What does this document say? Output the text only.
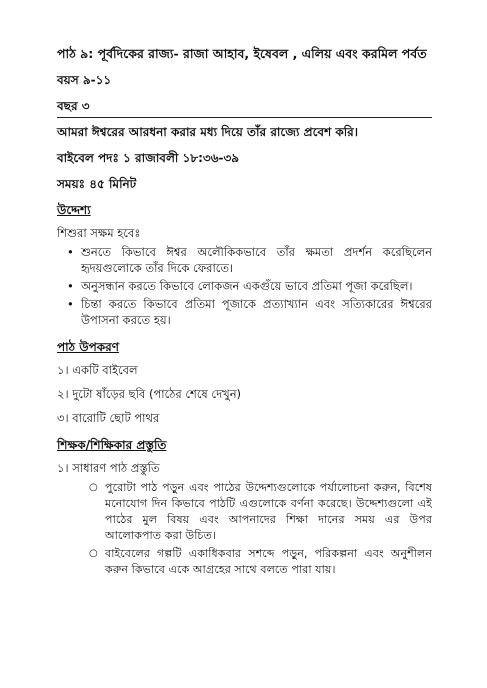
পাঠ ৯: পূর্বদিকের রাজ্য- রাজা আহাব, ইষেবল , এলিয় এবং করমিল পর্বত

বয়স ৯-১১

বছর ৩

আমরা ঈশ্বরের আরধনা করার মধ্য দিয়ে তাঁর রাজ্যে প্রবেশ করি।

বাইবেল পদঃ ১ রাজাবলী ১৮:৩৬-৩৯

সময়ঃ ৪৫ মিনিট

উদ্দেশ্য

শিশুরা সক্ষম হবেঃ

• শুনতে কিভাবে ঈশ্বর অলৌকিকভাবে তাঁর ক্ষমতা প্রদর্শন করেছিলেন হৃদয়গুলোকে তাঁর দিকে ফেরাতে।
• অনুসন্ধান করতে কিভাবে লোকজন একগুঁয়ে ভাবে প্রতিমা পূজা করেছিল।
• চিন্তা করতে কিভাবে প্রতিমা পূজাকে প্রত্যাখ্যান এবং সত্যিকারের ঈশ্বরের উপাসনা করতে হয়।

পাঠ উপকরণ

১। একটি বাইবেল

২। দুটো ষাঁড়ের ছবি (পাঠের শেষে দেখুন)

৩। বারোটি ছোট পাথর

শিক্ষক/শিক্ষিকার প্রস্তুতি

১। সাধারণ পাঠ প্রস্তুতি

○ পুরোটা পাঠ পড়ুন এবং পাঠের উদ্দেশ্যগুলোকে পর্যালোচনা করুন, বিশেষ মনোযোগ দিন কিভাবে পাঠটি এগুলোকে বর্ণনা করেছে। উদ্দেশ্যগুলো এই পাঠের মুল বিষয় এবং আপনাদের শিক্ষা দানের সময় এর উপর আলোকপাত করা উচিত।
○ বাইবেলের গল্পটি একাধিকবার সশব্দে পড়ুন, পরিকল্পনা এবং অনুশীলন করুন কিভাবে একে আগ্রহের সাথে বলতে পারা যায়।
